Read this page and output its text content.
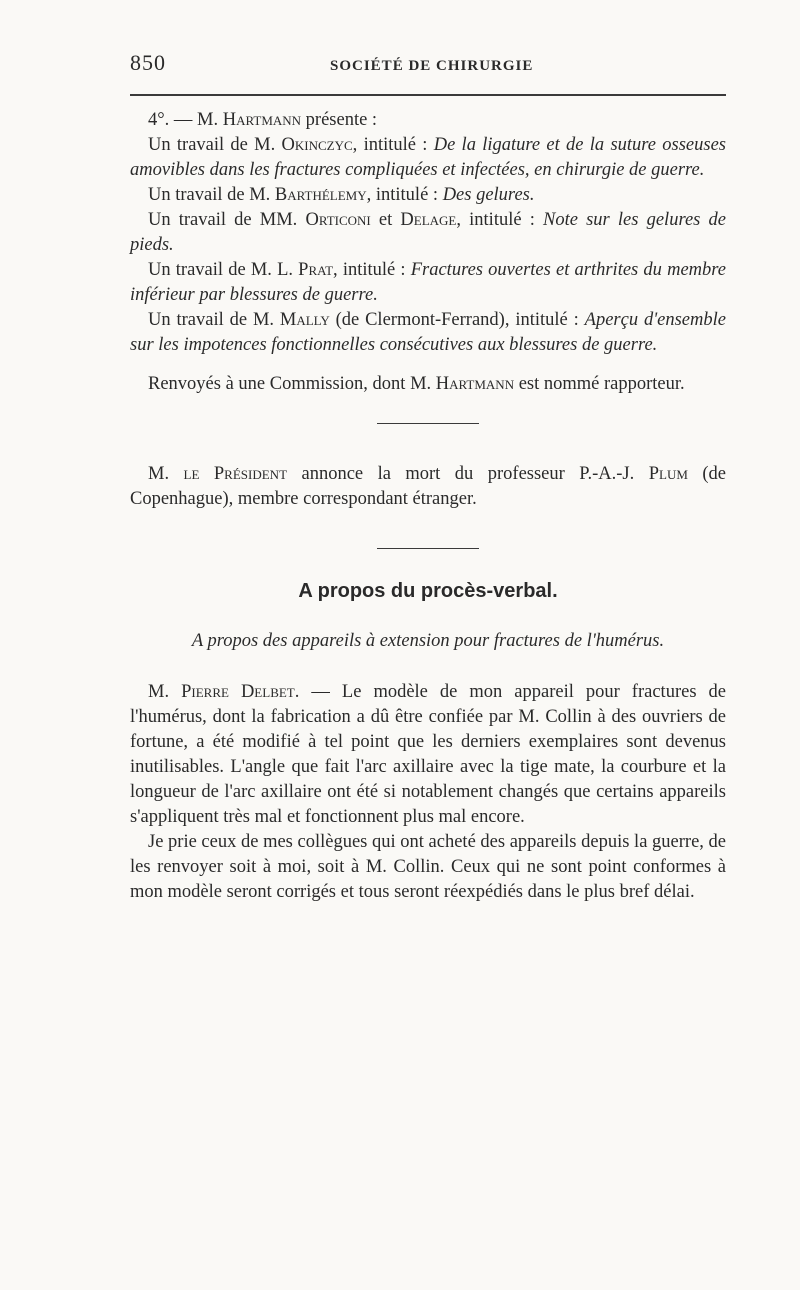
850	SOCIÉTÉ DE CHIRURGIE

4°. — M. Hartmann présente :

Un travail de M. Okinczyc, intitulé : De la ligature et de la suture osseuses amovibles dans les fractures compliquées et infectées, en chirurgie de guerre.

Un travail de M. Barthélemy, intitulé : Des gelures.

Un travail de MM. Orticoni et Delage, intitulé : Note sur les gelures de pieds.

Un travail de M. L. Prat, intitulé : Fractures ouvertes et arthrites du membre inférieur par blessures de guerre.

Un travail de M. Mally (de Clermont-Ferrand), intitulé : Aperçu d'ensemble sur les impotences fonctionnelles consécutives aux blessures de guerre.

Renvoyés à une Commission, dont M. Hartmann est nommé rapporteur.

M. le Président annonce la mort du professeur P.-A.-J. Plum (de Copenhague), membre correspondant étranger.

A propos du procès-verbal.

A propos des appareils à extension pour fractures de l'humérus.

M. Pierre Delbet. — Le modèle de mon appareil pour fractures de l'humérus, dont la fabrication a dû être confiée par M. Collin à des ouvriers de fortune, a été modifié à tel point que les derniers exemplaires sont devenus inutilisables. L'angle que fait l'arc axillaire avec la tige mate, la courbure et la longueur de l'arc axillaire ont été si notablement changés que certains appareils s'appliquent très mal et fonctionnent plus mal encore.

Je prie ceux de mes collègues qui ont acheté des appareils depuis la guerre, de les renvoyer soit à moi, soit à M. Collin. Ceux qui ne sont point conformes à mon modèle seront corrigés et tous seront réexpédiés dans le plus bref délai.
